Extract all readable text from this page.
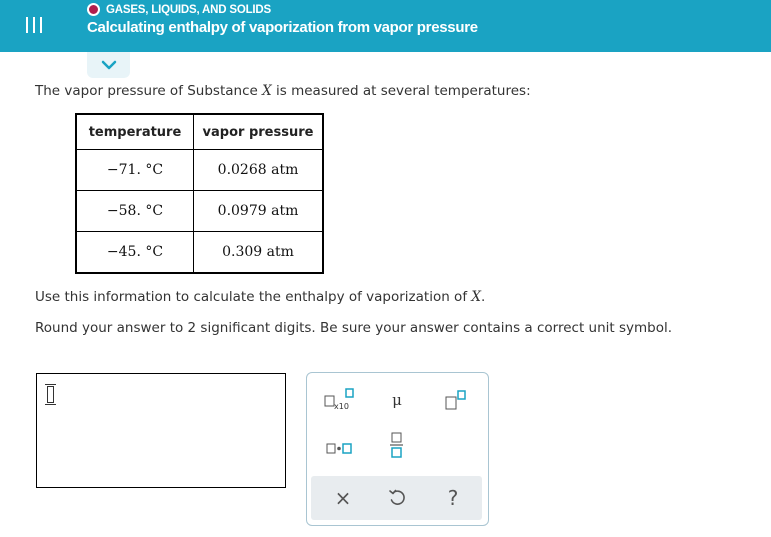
GASES, LIQUIDS, AND SOLIDS
Calculating enthalpy of vaporization from vapor pressure
The vapor pressure of Substance X is measured at several temperatures:
temperature	vapor pressure
−71. °C	0.0268 atm
−58. °C	0.0979 atm
−45. °C	0.309 atm
Use this information to calculate the enthalpy of vaporization of X.
Round your answer to 2 significant digits. Be sure your answer contains a correct unit symbol.
x10	μ
×	?
